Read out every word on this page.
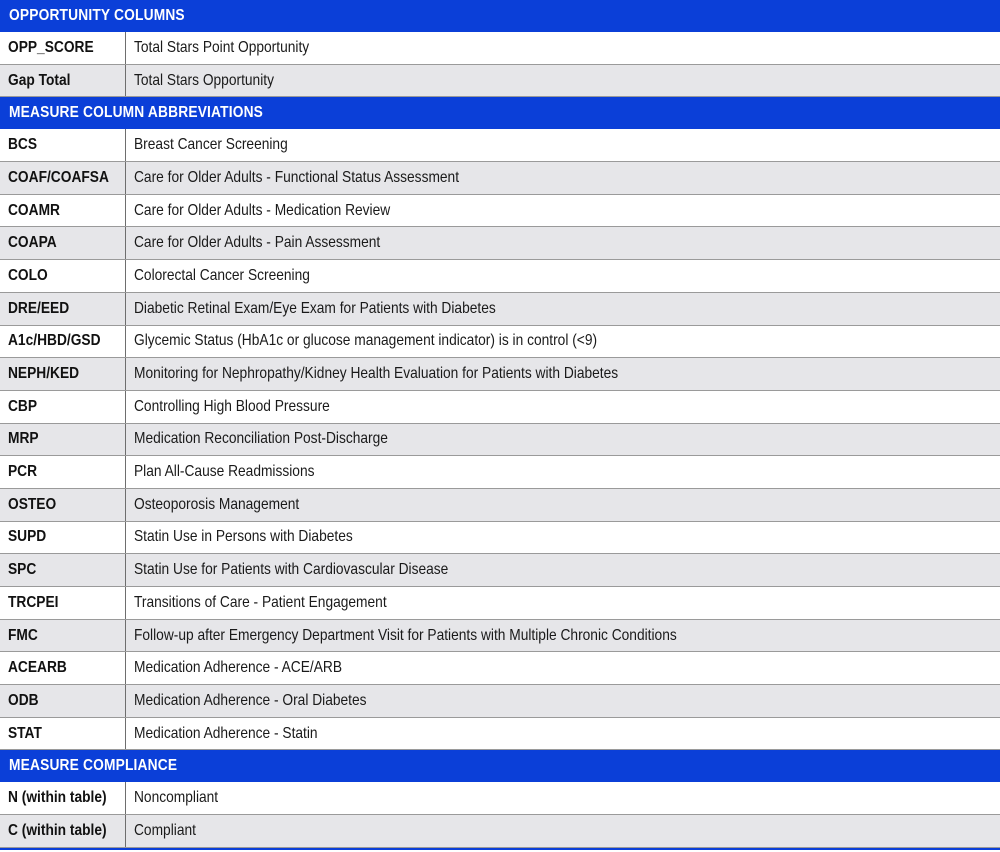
OPPORTUNITY COLUMNS
OPP_SCORE	Total Stars Point Opportunity
Gap Total	Total Stars Opportunity
MEASURE COLUMN ABBREVIATIONS
BCS	Breast Cancer Screening
COAF/COAFSA Care for Older Adults - Functional Status Assessment
COAMR	Care for Older Adults - Medication Review
COAPA	Care for Older Adults - Pain Assessment
COLO	Colorectal Cancer Screening
DRE/EED	Diabetic Retinal Exam/Eye Exam for Patients with Diabetes
A1c/HBD/GSD Glycemic Status (HbA1c or glucose management indicator) is in control (<9)
NEPH/KED	Monitoring for Nephropathy/Kidney Health Evaluation for Patients with Diabetes
CBP	Controlling High Blood Pressure
MRP	Medication Reconciliation Post-Discharge
PCR	Plan All-Cause Readmissions
OSTEO	Osteoporosis Management
SUPD	Statin Use in Persons with Diabetes
SPC	Statin Use for Patients with Cardiovascular Disease
TRCPEI	Transitions of Care - Patient Engagement
FMC	Follow-up after Emergency Department Visit for Patients with Multiple Chronic Conditions
ACEARB	Medication Adherence - ACE/ARB
ODB	Medication Adherence - Oral Diabetes
STAT	Medication Adherence - Statin
MEASURE COMPLIANCE
N (within table) Noncompliant
C (within table) Compliant
